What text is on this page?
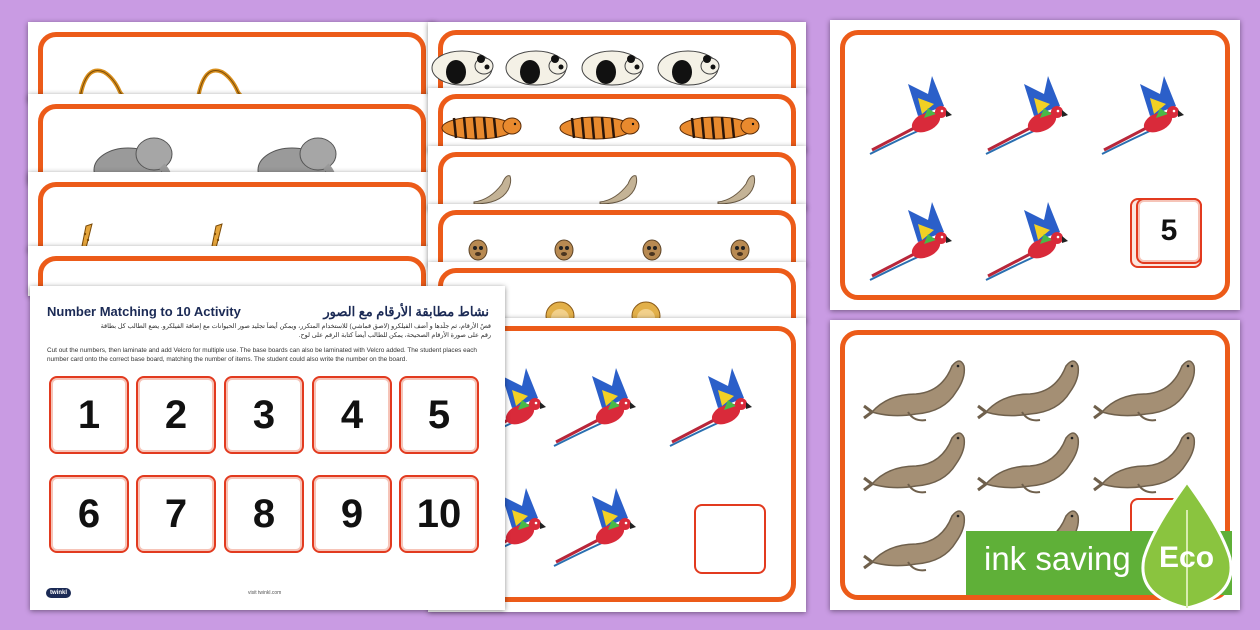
Number Matching to 10 Activity	نشاط مطابقة الأرقام مع الصور
قصّ الأرقام، ثم جلّدها و أضف الفيلكرو (لاصق قماشي) للاستخدام المتكرر، ويمكن أيضاً تجليد صور الحيوانات مع إضافة الفيلكرو. يضع الطالب كل بطاقة
رقم على صورة الأرقام الصحيحة، يمكن للطالب أيضاً كتابة الرقم على لوح.
Cut out the numbers, then laminate and add Velcro for multiple use. The base boards can also be laminated with Velcro added. The student places each number card onto the correct base board, matching the number of items. The student could also write the number on the board.
1	2	3	4	5
6	7	8	9	10
twinkl	visit twinkl.com
5
ink saving Eco
